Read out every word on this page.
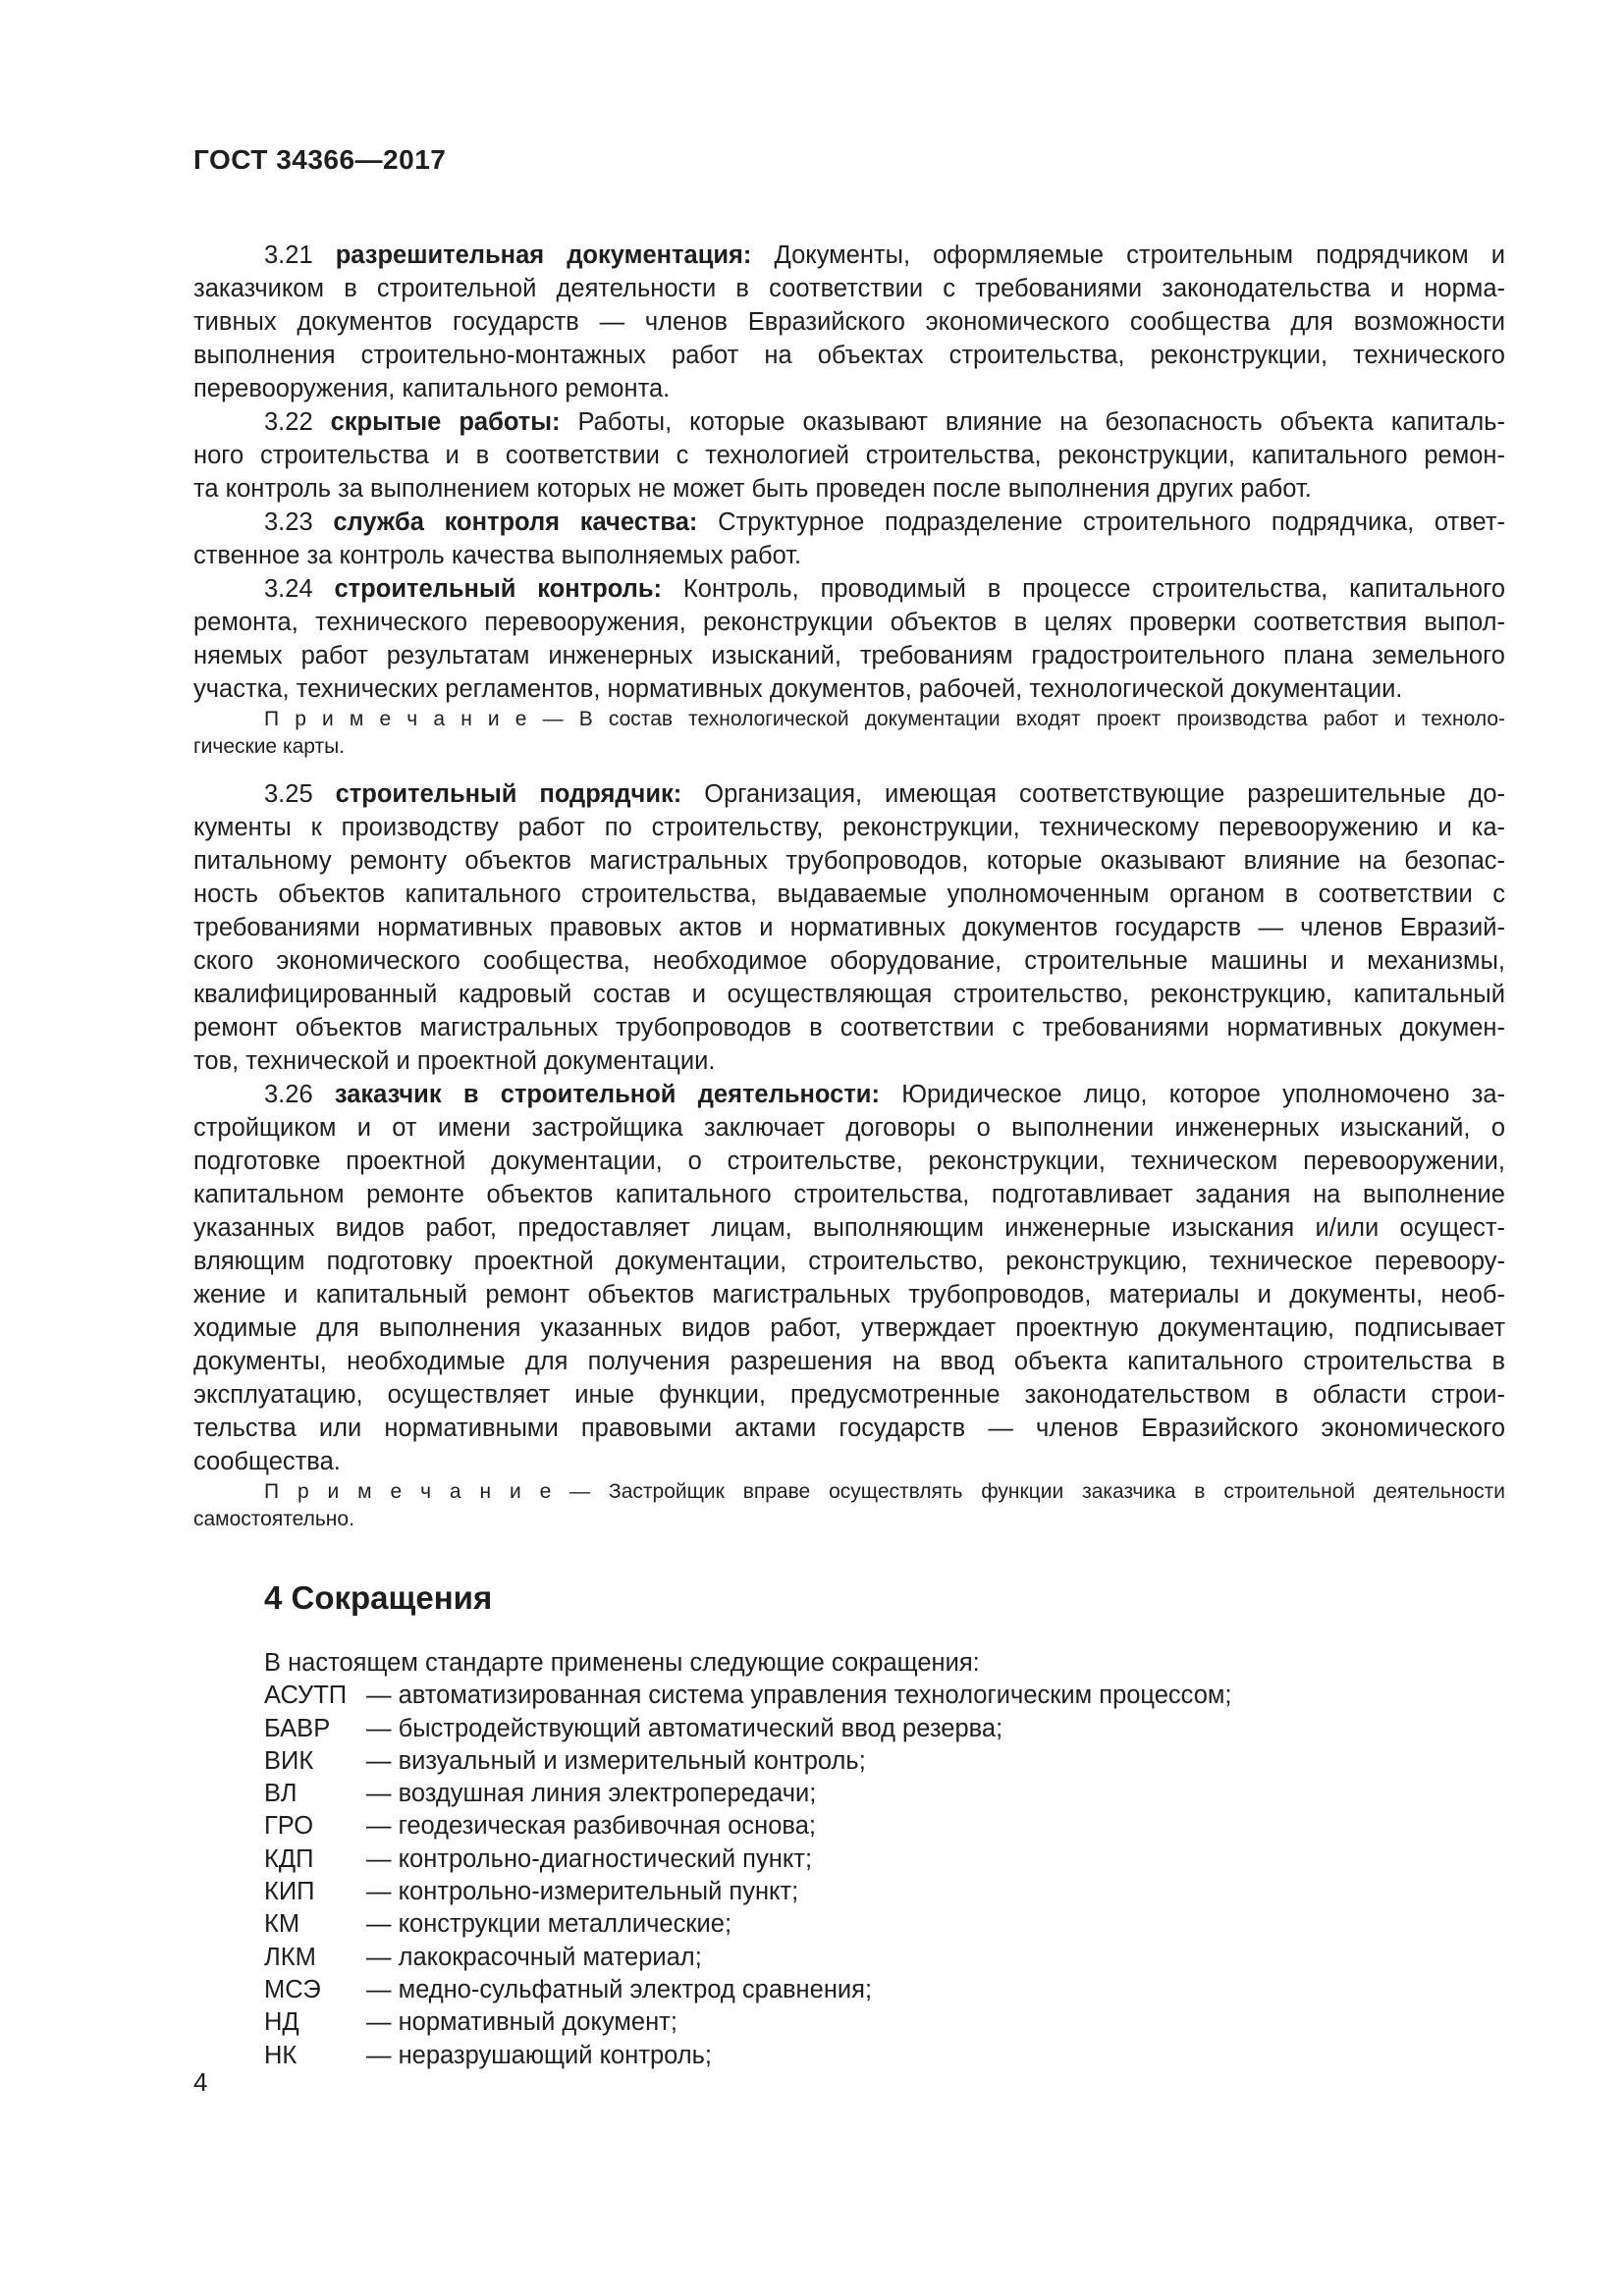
ГОСТ 34366—2017
3.21 разрешительная документация: Документы, оформляемые строительным подрядчиком и
заказчиком в строительной деятельности в соответствии с требованиями законодательства и норма-
тивных документов государств — членов Евразийского экономического сообщества для возможности
выполнения строительно-монтажных работ на объектах строительства, реконструкции, технического
перевооружения, капитального ремонта.
3.22 скрытые работы: Работы, которые оказывают влияние на безопасность объекта капиталь-
ного строительства и в соответствии с технологией строительства, реконструкции, капитального ремон-
та контроль за выполнением которых не может быть проведен после выполнения других работ.
3.23 служба контроля качества: Структурное подразделение строительного подрядчика, ответ-
ственное за контроль качества выполняемых работ.
3.24 строительный контроль: Контроль, проводимый в процессе строительства, капитального
ремонта, технического перевооружения, реконструкции объектов в целях проверки соответствия выпол-
няемых работ результатам инженерных изысканий, требованиям градостроительного плана земельного
участка, технических регламентов, нормативных документов, рабочей, технологической документации.
П р и м е ч а н и е — В состав технологической документации входят проект производства работ и техноло-
гические карты.
3.25 строительный подрядчик: Организация, имеющая соответствующие разрешительные до-
кументы к производству работ по строительству, реконструкции, техническому перевооружению и ка-
питальному ремонту объектов магистральных трубопроводов, которые оказывают влияние на безопас-
ность объектов капитального строительства, выдаваемые уполномоченным органом в соответствии с
требованиями нормативных правовых актов и нормативных документов государств — членов Евразий-
ского экономического сообщества, необходимое оборудование, строительные машины и механизмы,
квалифицированный кадровый состав и осуществляющая строительство, реконструкцию, капитальный
ремонт объектов магистральных трубопроводов в соответствии с требованиями нормативных докумен-
тов, технической и проектной документации.
3.26 заказчик в строительной деятельности: Юридическое лицо, которое уполномочено за-
стройщиком и от имени застройщика заключает договоры о выполнении инженерных изысканий, о
подготовке проектной документации, о строительстве, реконструкции, техническом перевооружении,
капитальном ремонте объектов капитального строительства, подготавливает задания на выполнение
указанных видов работ, предоставляет лицам, выполняющим инженерные изыскания и/или осущест-
вляющим подготовку проектной документации, строительство, реконструкцию, техническое перевоору-
жение и капитальный ремонт объектов магистральных трубопроводов, материалы и документы, необ-
ходимые для выполнения указанных видов работ, утверждает проектную документацию, подписывает
документы, необходимые для получения разрешения на ввод объекта капитального строительства в
эксплуатацию, осуществляет иные функции, предусмотренные законодательством в области строи-
тельства или нормативными правовыми актами государств — членов Евразийского экономического
сообщества.
П р и м е ч а н и е — Застройщик вправе осуществлять функции заказчика в строительной деятельности
самостоятельно.
4 Сокращения
В настоящем стандарте применены следующие сокращения:
АСУТП — автоматизированная система управления технологическим процессом;
БАВР	— быстродействующий автоматический ввод резерва;
ВИК	— визуальный и измерительный контроль;
ВЛ	— воздушная линия электропередачи;
ГРО	— геодезическая разбивочная основа;
КДП	— контрольно-диагностический пункт;
КИП	— контрольно-измерительный пункт;
КМ	— конструкции металлические;
ЛКМ	— лакокрасочный материал;
МСЭ	— медно-сульфатный электрод сравнения;
НД	— нормативный документ;
НК	— неразрушающий контроль;
4
